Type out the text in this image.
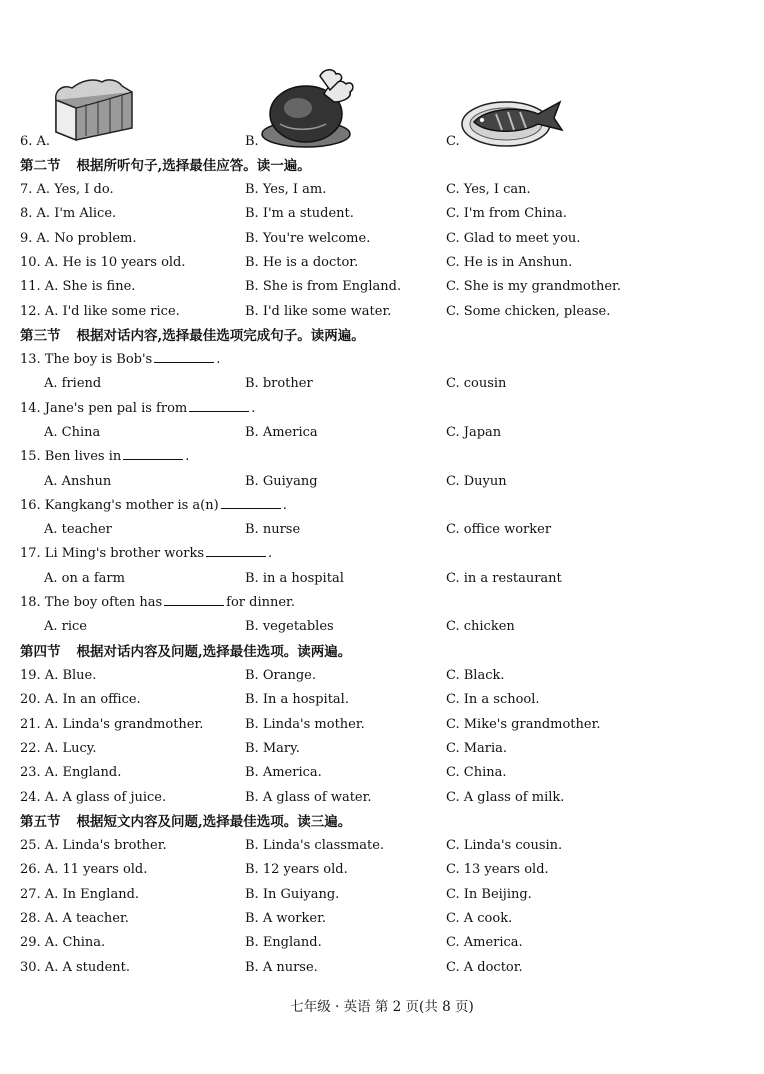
6. A.	B.	C.
第二节 根据所听句子,选择最佳应答。读一遍。
7. A. Yes, I do.	B. Yes, I am.	C. Yes, I can.
8. A. I'm Alice.	B. I'm a student.	C. I'm from China.
9. A. No problem.	B. You're welcome.	C. Glad to meet you.
10. A. He is 10 years old.	B. He is a doctor.	C. He is in Anshun.
11. A. She is fine.	B. She is from England.	C. She is my grandmother.
12. A. I'd like some rice.	B. I'd like some water.	C. Some chicken, please.
第三节 根据对话内容,选择最佳选项完成句子。读两遍。
13. The boy is Bob's	.
A. friend	B. brother	C. cousin
14. Jane's pen pal is from	.
A. China	B. America	C. Japan
15. Ben lives in	.
A. Anshun	B. Guiyang	C. Duyun
16. Kangkang's mother is a(n)	.
A. teacher	B. nurse	C. office worker
17. Li Ming's brother works	.
A. on a farm	B. in a hospital	C. in a restaurant
18. The boy often has	for dinner.
A. rice	B. vegetables	C. chicken
第四节 根据对话内容及问题,选择最佳选项。读两遍。
19. A. Blue.	B. Orange.	C. Black.
20. A. In an office.	B. In a hospital.	C. In a school.
21. A. Linda's grandmother.	B. Linda's mother.	C. Mike's grandmother.
22. A. Lucy.	B. Mary.	C. Maria.
23. A. England.	B. America.	C. China.
24. A. A glass of juice.	B. A glass of water.	C. A glass of milk.
第五节 根据短文内容及问题,选择最佳选项。读三遍。
25. A. Linda's brother.	B. Linda's classmate.	C. Linda's cousin.
26. A. 11 years old.	B. 12 years old.	C. 13 years old.
27. A. In England.	B. In Guiyang.	C. In Beijing.
28. A. A teacher.	B. A worker.	C. A cook.
29. A. China.	B. England.	C. America.
30. A. A student.	B. A nurse.	C. A doctor.
七年级 · 英语 第 2 页(共 8 页)
